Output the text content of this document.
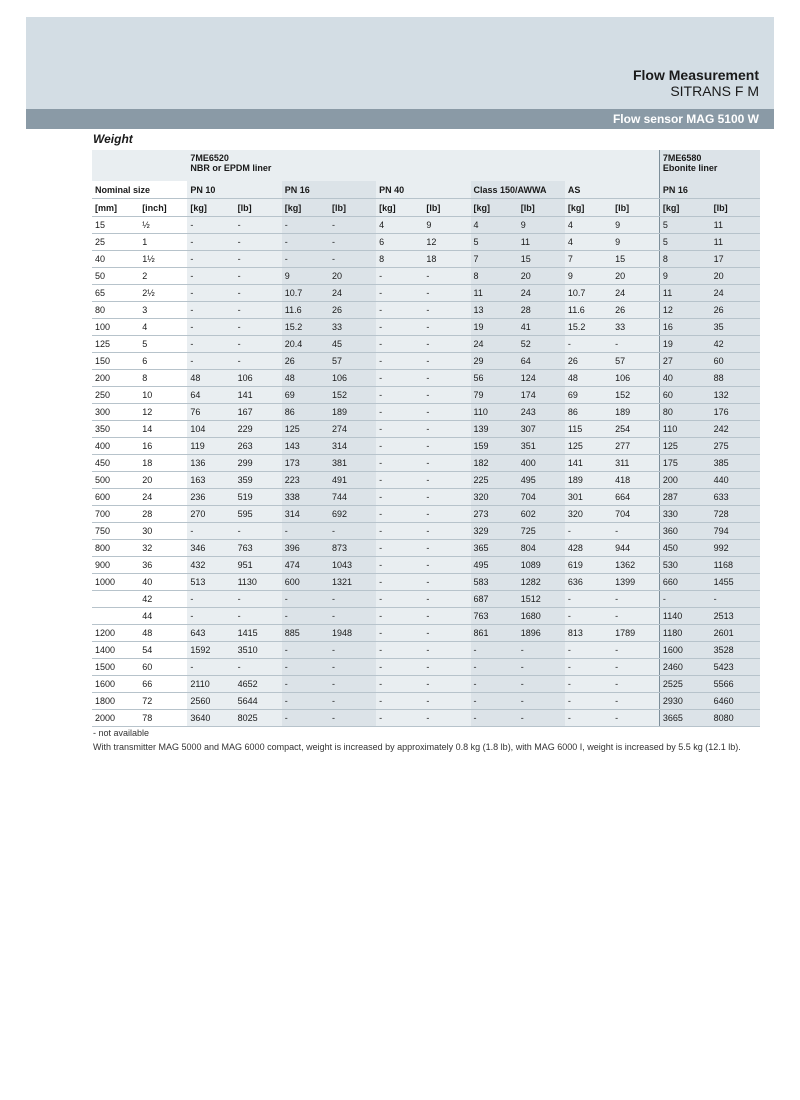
Flow Measurement
SITRANS F M
Flow sensor MAG 5100 W
Weight
		7ME6520
NBR or EPDM liner										7ME6580
Ebonite liner	
Nominal size		PN 10		PN 16		PN 40		Class 150/AWWA		AS		PN 16	
[mm]	[inch]	[kg]	[lb]	[kg]	[lb]	[kg]	[lb]	[kg]	[lb]	[kg]	[lb]	[kg]	[lb]
15	½	-	-	-	-	4	9	4	9	4	9	5	11
25	1	-	-	-	-	6	12	5	11	4	9	5	11
40	1½	-	-	-	-	8	18	7	15	7	15	8	17
50	2	-	-	9	20	-	-	8	20	9	20	9	20
65	2½	-	-	10.7	24	-	-	11	24	10.7	24	11	24
80	3	-	-	11.6	26	-	-	13	28	11.6	26	12	26
100	4	-	-	15.2	33	-	-	19	41	15.2	33	16	35
125	5	-	-	20.4	45	-	-	24	52	-	-	19	42
150	6	-	-	26	57	-	-	29	64	26	57	27	60
200	8	48	106	48	106	-	-	56	124	48	106	40	88
250	10	64	141	69	152	-	-	79	174	69	152	60	132
300	12	76	167	86	189	-	-	110	243	86	189	80	176
350	14	104	229	125	274	-	-	139	307	115	254	110	242
400	16	119	263	143	314	-	-	159	351	125	277	125	275
450	18	136	299	173	381	-	-	182	400	141	311	175	385
500	20	163	359	223	491	-	-	225	495	189	418	200	440
600	24	236	519	338	744	-	-	320	704	301	664	287	633
700	28	270	595	314	692	-	-	273	602	320	704	330	728
750	30	-	-	-	-	-	-	329	725	-	-	360	794
800	32	346	763	396	873	-	-	365	804	428	944	450	992
900	36	432	951	474	1043	-	-	495	1089	619	1362	530	1168
1000	40	513	1130	600	1321	-	-	583	1282	636	1399	660	1455
	42	-	-	-	-	-	-	687	1512	-	-	-	-
	44	-	-	-	-	-	-	763	1680	-	-	1140	2513
1200	48	643	1415	885	1948	-	-	861	1896	813	1789	1180	2601
1400	54	1592	3510	-	-	-	-	-	-	-	-	1600	3528
1500	60	-	-	-	-	-	-	-	-	-	-	2460	5423
1600	66	2110	4652	-	-	-	-	-	-	-	-	2525	5566
1800	72	2560	5644	-	-	-	-	-	-	-	-	2930	6460
2000	78	3640	8025	-	-	-	-	-	-	-	-	3665	8080

- not available

With transmitter MAG 5000 and MAG 6000 compact, weight is increased by approximately 0.8 kg (1.8 lb), with MAG 6000 I, weight is increased by 5.5 kg (12.1 lb).
